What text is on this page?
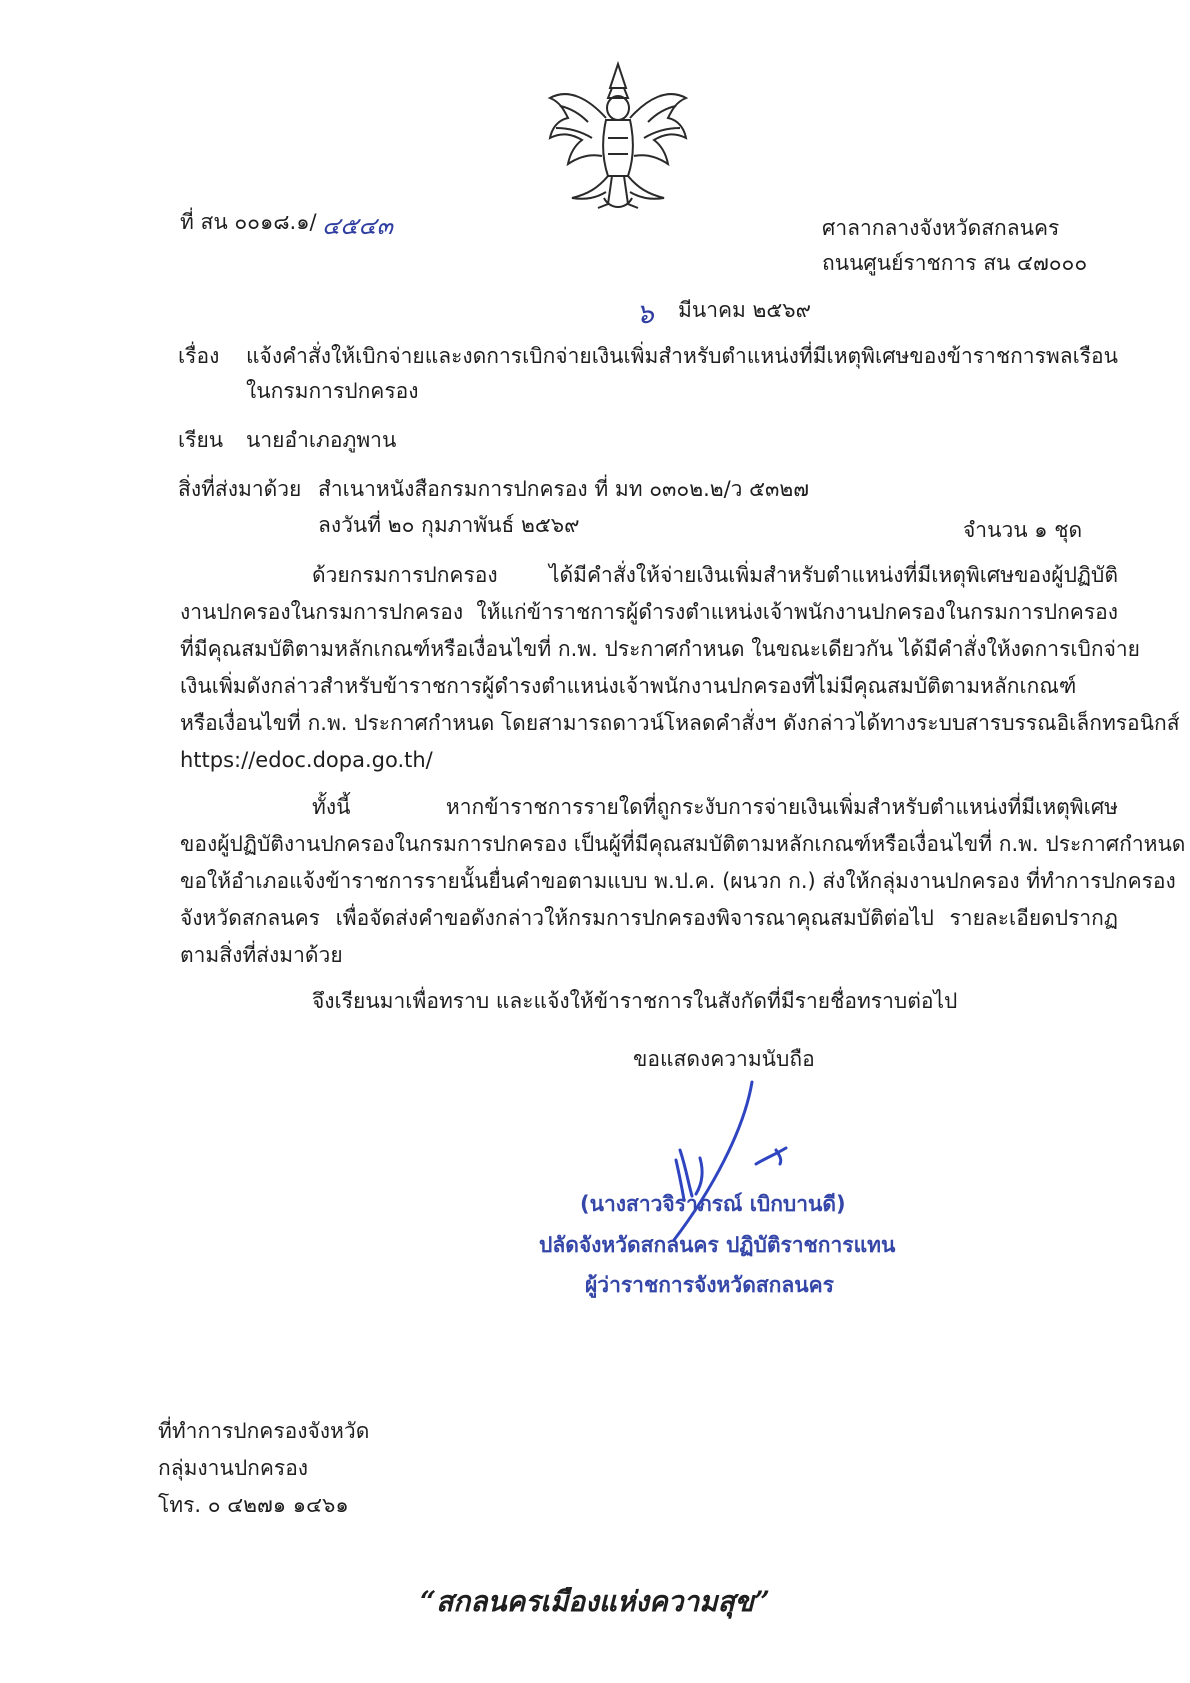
ที่ สน ๐๐๑๘.๑/ ๔๕๔๓	ศาลากลางจังหวัดสกลนคร
ถนนศูนย์ราชการ สน ๔๗๐๐๐
๖ มีนาคม ๒๕๖๙
เรื่อง แจ้งคำสั่งให้เบิกจ่ายและงดการเบิกจ่ายเงินเพิ่มสำหรับตำแหน่งที่มีเหตุพิเศษของข้าราชการพลเรือน
ในกรมการปกครอง
เรียน นายอำเภอภูพาน
สิ่งที่ส่งมาด้วย สำเนาหนังสือกรมการปกครอง ที่ มท ๐๓๐๒.๒/ว ๕๓๒๗
ลงวันที่ ๒๐ กุมภาพันธ์ ๒๕๖๙	จำนวน ๑ ชุด
ด้วยกรมการปกครอง ได้มีคำสั่งให้จ่ายเงินเพิ่มสำหรับตำแหน่งที่มีเหตุพิเศษของผู้ปฏิบัติ
งานปกครองในกรมการปกครอง ให้แก่ข้าราชการผู้ดำรงตำแหน่งเจ้าพนักงานปกครองในกรมการปกครอง
ที่มีคุณสมบัติตามหลักเกณฑ์หรือเงื่อนไขที่ ก.พ. ประกาศกำหนด ในขณะเดียวกัน ได้มีคำสั่งให้งดการเบิกจ่าย
เงินเพิ่มดังกล่าวสำหรับข้าราชการผู้ดำรงตำแหน่งเจ้าพนักงานปกครองที่ไม่มีคุณสมบัติตามหลักเกณฑ์
หรือเงื่อนไขที่ ก.พ. ประกาศกำหนด โดยสามารถดาวน์โหลดคำสั่งฯ ดังกล่าวได้ทางระบบสารบรรณอิเล็กทรอนิกส์
https://edoc.dopa.go.th/
ทั้งนี้ หากข้าราชการรายใดที่ถูกระงับการจ่ายเงินเพิ่มสำหรับตำแหน่งที่มีเหตุพิเศษ
ของผู้ปฏิบัติงานปกครองในกรมการปกครอง เป็นผู้ที่มีคุณสมบัติตามหลักเกณฑ์หรือเงื่อนไขที่ ก.พ. ประกาศกำหนด
ขอให้อำเภอแจ้งข้าราชการรายนั้นยื่นคำขอตามแบบ พ.ป.ค. (ผนวก ก.) ส่งให้กลุ่มงานปกครอง ที่ทำการปกครอง
จังหวัดสกลนคร เพื่อจัดส่งคำขอดังกล่าวให้กรมการปกครองพิจารณาคุณสมบัติต่อไป รายละเอียดปรากฏ
ตามสิ่งที่ส่งมาด้วย
จึงเรียนมาเพื่อทราบ และแจ้งให้ข้าราชการในสังกัดที่มีรายชื่อทราบต่อไป
ขอแสดงความนับถือ
(นางสาวจิราภรณ์ เบิกบานดี)
ปลัดจังหวัดสกลนคร ปฏิบัติราชการแทน
ผู้ว่าราชการจังหวัดสกลนคร
ที่ทำการปกครองจังหวัด
กลุ่มงานปกครอง
โทร. ๐ ๔๒๗๑ ๑๔๖๑
“สกลนครเมืองแห่งความสุข”
